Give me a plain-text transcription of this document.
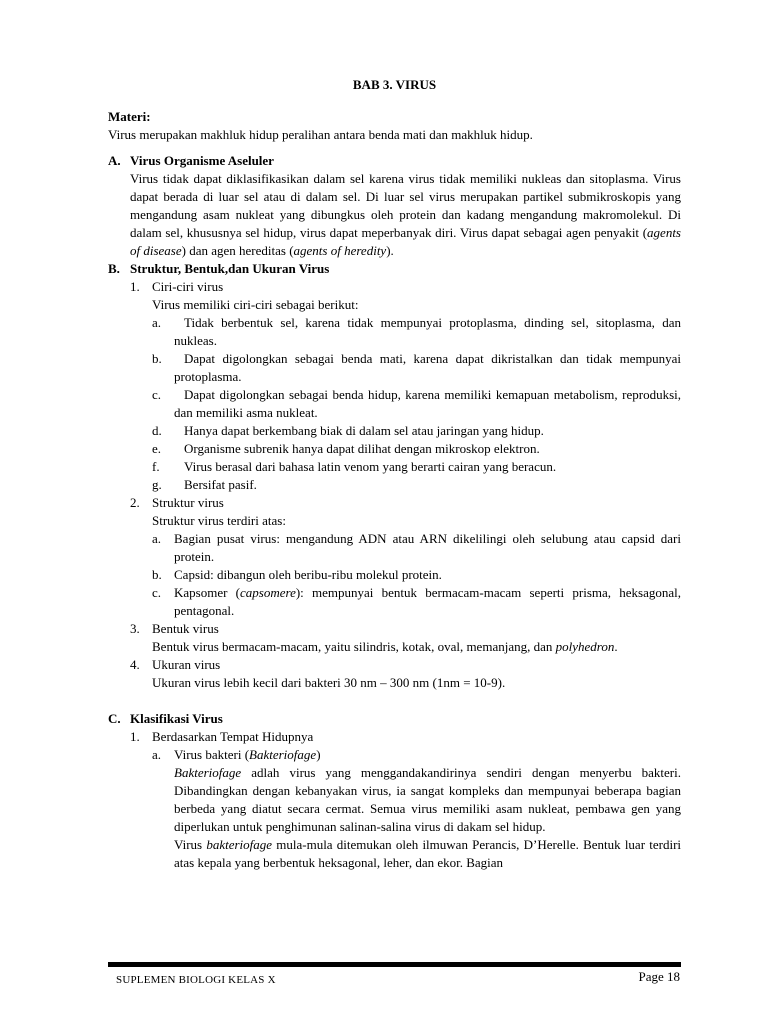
BAB 3. VIRUS
Materi:
Virus merupakan makhluk hidup peralihan antara benda mati dan makhluk hidup.
A. Virus Organisme Aseluler
Virus tidak dapat diklasifikasikan dalam sel karena virus tidak memiliki nukleas dan sitoplasma. Virus dapat berada di luar sel atau di dalam sel. Di luar sel virus merupakan partikel submikroskopis yang mengandung asam nukleat yang dibungkus oleh protein dan kadang mengandung makromolekul. Di dalam sel, khususnya sel hidup, virus dapat meperbanyak diri. Virus dapat sebagai agen penyakit (agents of disease) dan agen hereditas (agents of heredity).
B. Struktur, Bentuk,dan Ukuran Virus
1. Ciri-ciri virus
Virus memiliki ciri-ciri sebagai berikut:
a.	Tidak berbentuk sel, karena tidak mempunyai protoplasma, dinding sel, sitoplasma, dan nukleas.
b.	Dapat digolongkan sebagai benda mati, karena dapat dikristalkan dan tidak mempunyai protoplasma.
c.	Dapat digolongkan sebagai benda hidup, karena memiliki kemapuan metabolism, reproduksi, dan memiliki asma nukleat.
d.	Hanya dapat berkembang biak di dalam sel atau jaringan yang hidup.
e.	Organisme subrenik hanya dapat dilihat dengan mikroskop elektron.
f.	Virus berasal dari bahasa latin venom yang berarti cairan yang beracun.
g.	Bersifat pasif.
2. Struktur virus
Struktur virus terdiri atas:
a. Bagian pusat virus: mengandung ADN atau ARN dikelilingi oleh selubung atau capsid dari protein.
b. Capsid: dibangun oleh beribu-ribu molekul protein.
c. Kapsomer (capsomere): mempunyai bentuk bermacam-macam seperti prisma, heksagonal, pentagonal.
3. Bentuk virus
Bentuk virus bermacam-macam, yaitu silindris, kotak, oval, memanjang, dan polyhedron.
4. Ukuran virus
Ukuran virus lebih kecil dari bakteri 30 nm – 300 nm (1nm = 10-9).
C. Klasifikasi Virus
1. Berdasarkan Tempat Hidupnya
a. Virus bakteri (Bakteriofage)
Bakteriofage adlah virus yang menggandakandirinya sendiri dengan menyerbu bakteri. Dibandingkan dengan kebanyakan virus, ia sangat kompleks dan mempunyai beberapa bagian berbeda yang diatut secara cermat. Semua virus memiliki asam nukleat, pembawa gen yang diperlukan untuk penghimunan salinan-salina virus di dakam sel hidup.
Virus bakteriofage mula-mula ditemukan oleh ilmuwan Perancis, D’Herelle. Bentuk luar terdiri atas kepala yang berbentuk heksagonal, leher, dan ekor. Bagian
SUPLEMEN BIOLOGI KELAS X	Page 18
